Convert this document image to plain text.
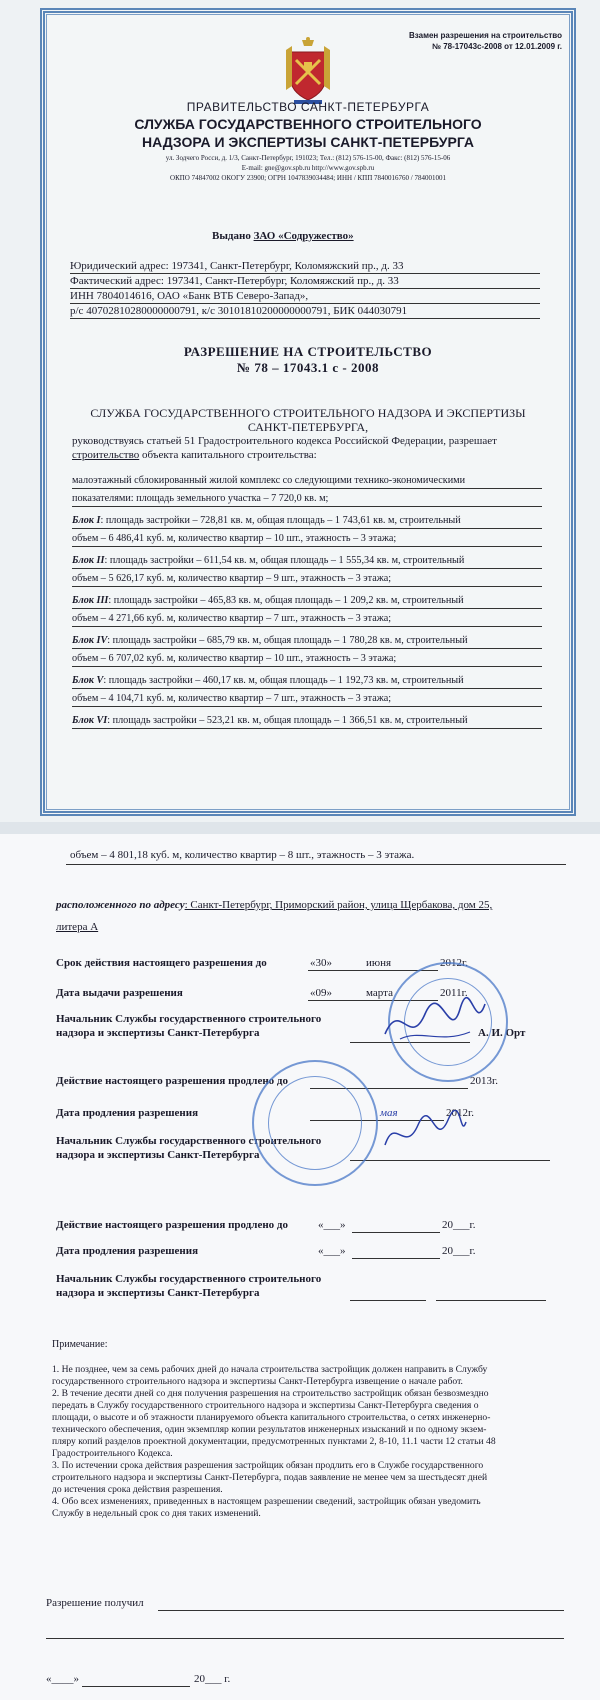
Взамен разрешения на строительство
№ 78-17043с-2008 от 12.01.2009 г.
ПРАВИТЕЛЬСТВО САНКТ-ПЕТЕРБУРГА
СЛУЖБА ГОСУДАРСТВЕННОГО СТРОИТЕЛЬНОГО
НАДЗОРА И ЭКСПЕРТИЗЫ САНКТ-ПЕТЕРБУРГА
ул. Зодчего Росси, д. 1/3, Санкт-Петербург, 191023; Тел.: (812) 576-15-00, Факс: (812) 576-15-06
E-mail: gne@gov.spb.ru http://www.gov.spb.ru
ОКПО 74847002 ОКОГУ 23900; ОГРН 1047839034484; ИНН / КПП 7840016760 / 784001001
Выдано ЗАО «Содружество»
Юридический адрес: 197341, Санкт-Петербург, Коломяжский пр., д. 33
Фактический адрес: 197341, Санкт-Петербург, Коломяжский пр., д. 33
ИНН 7804014616, ОАО «Банк ВТБ Северо-Запад»,
р/с 40702810280000000791, к/с 30101810200000000791, БИК 044030791
РАЗРЕШЕНИЕ НА СТРОИТЕЛЬСТВО
№ 78 – 17043.1 с - 2008
СЛУЖБА ГОСУДАРСТВЕННОГО СТРОИТЕЛЬНОГО НАДЗОРА И ЭКСПЕРТИЗЫ
САНКТ-ПЕТЕРБУРГА,
руководствуясь статьей 51 Градостроительного кодекса Российской Федерации, разрешает
строительство объекта капитального строительства:
малоэтажный сблокированный жилой комплекс со следующими технико-экономическими
показателями: площадь земельного участка – 7 720,0 кв. м;
Блок I: площадь застройки – 728,81 кв. м, общая площадь – 1 743,61 кв. м, строительный
объем – 6 486,41 куб. м, количество квартир – 10 шт., этажность – 3 этажа;
Блок II: площадь застройки – 611,54 кв. м, общая площадь – 1 555,34 кв. м, строительный
объем – 5 626,17 куб. м, количество квартир – 9 шт., этажность – 3 этажа;
Блок III: площадь застройки – 465,83 кв. м, общая площадь – 1 209,2 кв. м, строительный
объем – 4 271,66 куб. м, количество квартир – 7 шт., этажность – 3 этажа;
Блок IV: площадь застройки – 685,79 кв. м, общая площадь – 1 780,28 кв. м, строительный
объем – 6 707,02 куб. м, количество квартир – 10 шт., этажность – 3 этажа;
Блок V: площадь застройки – 460,17 кв. м, общая площадь – 1 192,73 кв. м, строительный
объем – 4 104,71 куб. м, количество квартир – 7 шт., этажность – 3 этажа;
Блок VI: площадь застройки – 523,21 кв. м, общая площадь – 1 366,51 кв. м, строительный
объем – 4 801,18 куб. м, количество квартир – 8 шт., этажность – 3 этажа.
расположенного по адресу: Санкт-Петербург, Приморский район, улица Щербакова, дом 25,
литера А
Срок действия настоящего разрешения до	«30»	июня	2012г.
Дата выдачи разрешения	«09»	марта	2011г.
Начальник Службы государственного строительного
надзора и экспертизы Санкт-Петербурга	А. И. Орт
Действие настоящего разрешения продлено до	2013г.
Дата продления разрешения	мая	2012г.
Начальник Службы государственного строительного
надзора и экспертизы Санкт-Петербурга
Действие настоящего разрешения продлено до	«___»	20___г.
Дата продления разрешения	«___»	20___г.
Начальник Службы государственного строительного
надзора и экспертизы Санкт-Петербурга
Примечание:
1. Не позднее, чем за семь рабочих дней до начала строительства застройщик должен направить в Службу
государственного строительного надзора и экспертизы Санкт-Петербурга извещение о начале работ.
2. В течение десяти дней со дня получения разрешения на строительство застройщик обязан безвозмездно
передать в Службу государственного строительного надзора и экспертизы Санкт-Петербурга сведения о
площади, о высоте и об этажности планируемого объекта капитального строительства, о сетях инженерно-
технического обеспечения, один экземпляр копии результатов инженерных изысканий и по одному экзем-
пляру копий разделов проектной документации, предусмотренных пунктами 2, 8-10, 11.1 части 12 статьи 48
Градостроительного Кодекса.
3. По истечении срока действия разрешения застройщик обязан продлить его в Службе государственного
строительного надзора и экспертизы Санкт-Петербурга, подав заявление не менее чем за шестьдесят дней
до истечения срока действия разрешения.
4. Обо всех изменениях, приведенных в настоящем разрешении сведений, застройщик обязан уведомить
Службу в недельный срок со дня таких изменений.
Разрешение получил
«____»	20___ г.
